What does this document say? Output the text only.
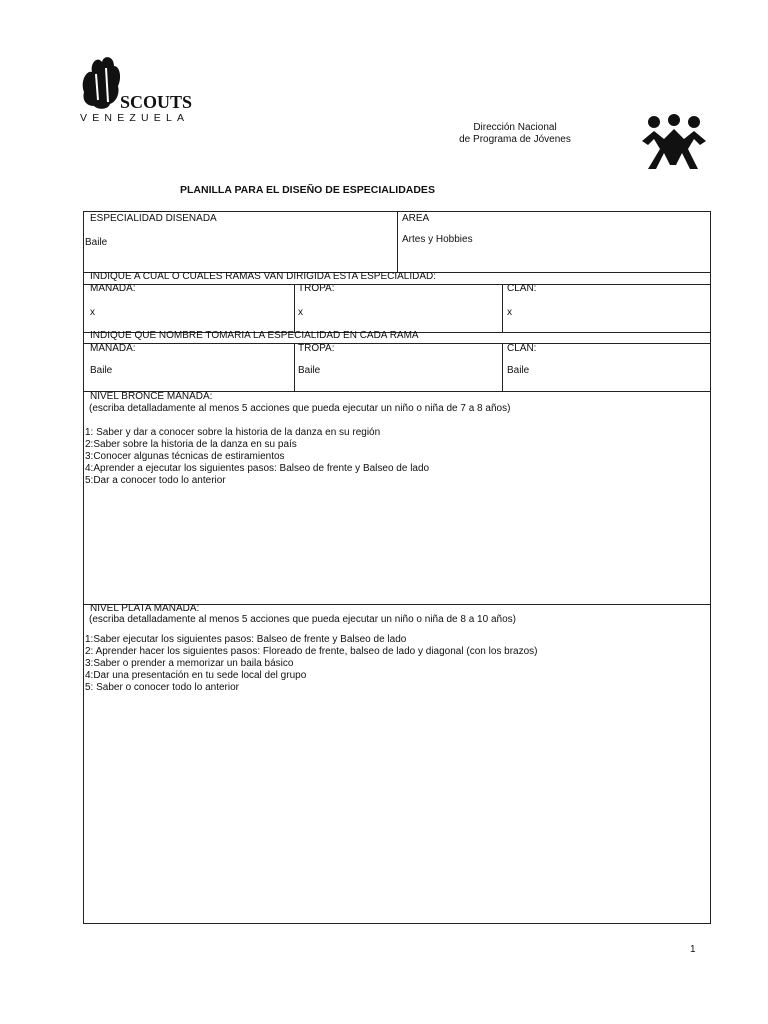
SCOUTS
VENEZUELA
Dirección Nacional
de Programa de Jóvenes
PLANILLA PARA EL DISEÑO DE ESPECIALIDADES
ESPECIALIDAD DISENADA
Baile
AREA
Artes y Hobbies
INDIQUE A CUAL O CUALES RAMAS VAN DIRIGIDA ESTA ESPECIALIDAD:
MANADA:
x
TROPA:
x
CLAN:
x
INDIQUE QUE NOMBRE TOMARIA LA ESPECIALIDAD EN CADA RAMA
MANADA:
Baile
TROPA:
Baile
CLAN:
Baile
NIVEL BRONCE MANADA:
(escriba detalladamente al menos 5 acciones que pueda ejecutar un niño o niña de 7 a 8 años)
1: Saber y dar a conocer sobre la historia de la danza en su región
2:Saber sobre la historia de la danza en su país
3:Conocer algunas técnicas de estiramientos
4:Aprender a ejecutar los siguientes pasos: Balseo de frente y Balseo de lado
5:Dar a conocer todo lo anterior
NIVEL PLATA MANADA:
(escriba detalladamente al menos 5 acciones que pueda ejecutar un niño o niña de 8 a 10 años)
1:Saber ejecutar los siguientes pasos: Balseo de frente y Balseo de lado
2: Aprender hacer los siguientes pasos: Floreado de frente, balseo de lado y diagonal (con los brazos)
3:Saber o prender a memorizar un baila básico
4:Dar una presentación en tu sede local del grupo
5: Saber o conocer todo lo anterior
1
